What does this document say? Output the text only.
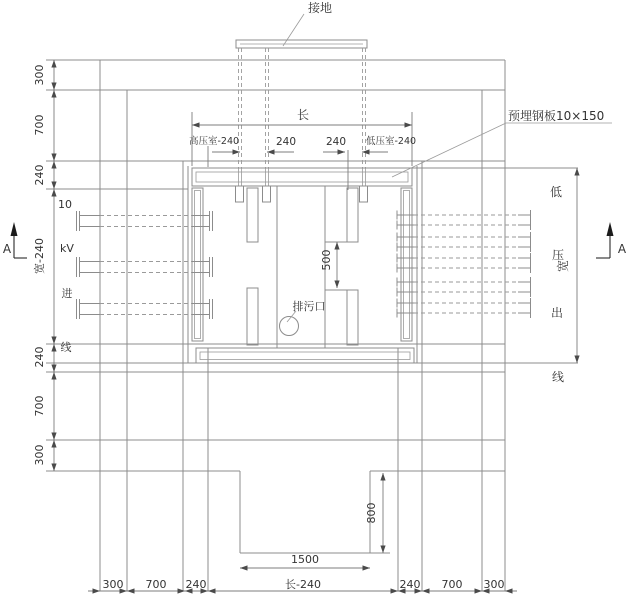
接地
预埋钢板10×150
排污口
10
kV
进
线
低
压
出
线
A	A
长
高压室-240	240	240 低压室-240
300
700
240
宽-240
240
700
300
宽
500
800
1500
300 700 240	长-240	240 700 300
